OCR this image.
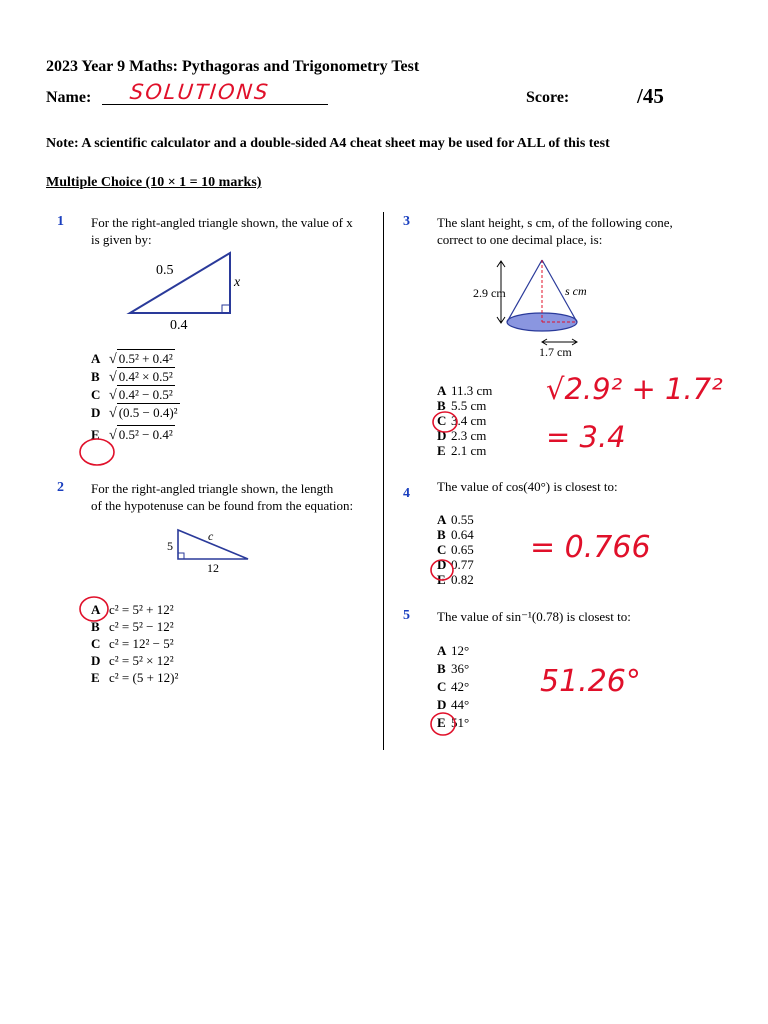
2023 Year 9 Maths: Pythagoras and Trigonometry Test
Name: SOLUTIONS	Score:	/45
Note: A scientific calculator and a double-sided A4 cheat sheet may be used for ALL of this test
Multiple Choice (10 × 1 = 10 marks)
1 For the right-angled triangle shown, the value of x
is given by:
0.5
x
0.4
A √ 0.5² + 0.4²
B √ 0.4² × 0.5²
C √ 0.4² − 0.5²
D √ (0.5 − 0.4)²
E √ 0.5² − 0.4²
2 For the right-angled triangle shown, the length
of the hypotenuse can be found from the equation:
5
c
12
A c² = 5² + 12²
B c² = 5² − 12²
C c² = 12² − 5²
D c² = 5² × 12²
E c² = (5 + 12)²
3 The slant height, s cm, of the following cone,
correct to one decimal place, is:
2.9 cm	s cm
1.7 cm
A 11.3 cm
B 5.5 cm
C 3.4 cm
D 2.3 cm
E 2.1 cm
√2.9² + 1.7²
= 3.4
4 The value of cos(40°) is closest to:
A 0.55
B 0.64
C 0.65
D 0.77
E 0.82
= 0.766
5 The value of sin⁻¹(0.78) is closest to:
A 12°
B 36°
C 42°
D 44°
E 51°
51.26°
